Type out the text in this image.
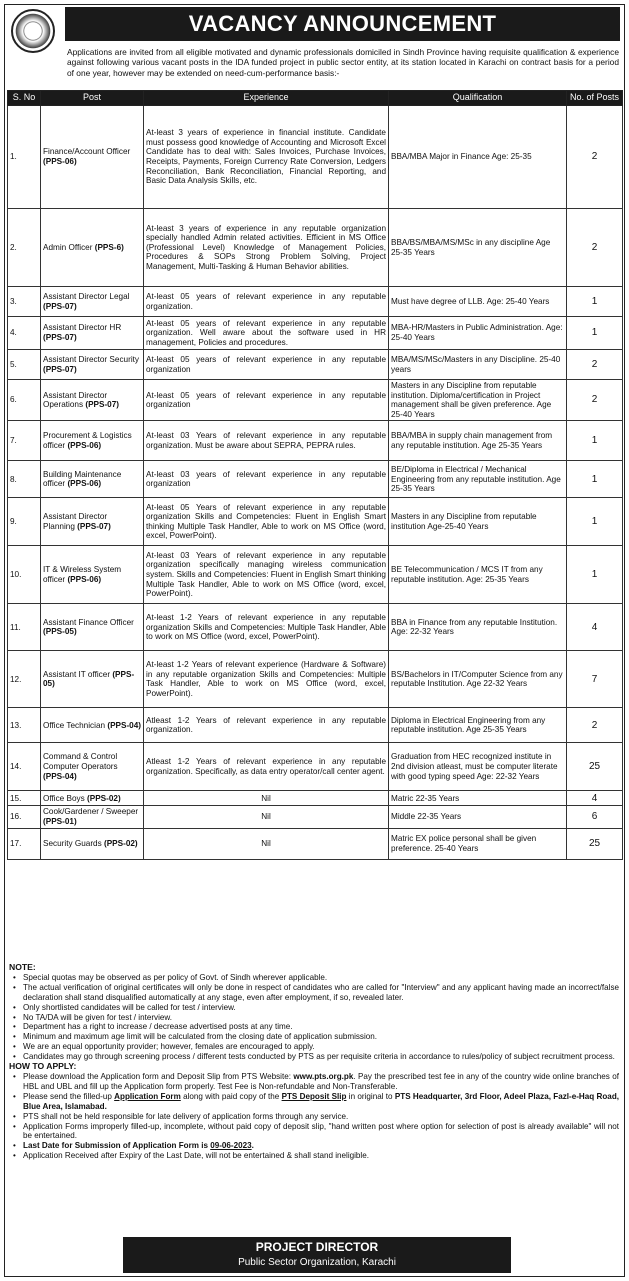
VACANCY ANNOUNCEMENT
Applications are invited from all eligible motivated and dynamic professionals domiciled in Sindh Province having requisite qualification & experience against following various vacant posts in the IDA funded project in public sector entity, at its station located in Karachi on contract basis for a period of one year, however may be extended on need-cum-performance basis:-
S. No	Post	Experience	Qualification	No. of Posts
1.	Finance/Account Officer (PPS-06)	At-least 3 years of experience in financial institute. Candidate must possess good knowledge of Accounting and Microsoft Excel Candidate has to deal with: Sales Invoices, Purchase Invoices, Receipts, Payments, Foreign Currency Rate Conversion, Ledgers Reconciliation, Bank Reconciliation, Financial Reporting, and Basic Data Analysis Skills, etc.	BBA/MBA Major in Finance Age: 25-35	2
2.	Admin Officer (PPS-6)	At-least 3 years of experience in any reputable organization specially handled Admin related activities. Efficient in MS Office (Professional Level) Knowledge of Management Policies, Procedures & SOPs Strong Problem Solving, Project Management, Multi-Tasking & Human Behavior abilities.	BBA/BS/MBA/MS/MSc in any discipline Age 25-35 Years	2
3.	Assistant Director Legal (PPS-07)	At-least 05 years of relevant experience in any reputable organization.	Must have degree of LLB. Age: 25-40 Years	1
4.	Assistant Director HR (PPS-07)	At-least 05 years of relevant experience in any reputable organization. Well aware about the software used in HR management, Policies and procedures.	MBA-HR/Masters in Public Administration. Age: 25-40 Years	1
5.	Assistant Director Security (PPS-07)	At-least 05 years of relevant experience in any reputable organization	MBA/MS/MSc/Masters in any Discipline. 25-40 years	2
6.	Assistant Director Operations (PPS-07)	At-least 05 years of relevant experience in any reputable organization	Masters in any Discipline from reputable institution. Diploma/certification in Project management shall be given preference. Age 25-40 Years	2
7.	Procurement & Logistics officer (PPS-06)	At-least 03 Years of relevant experience in any reputable organization. Must be aware about SEPRA, PEPRA rules.	BBA/MBA in supply chain management from any reputable institution. Age 25-35 Years	1
8.	Building Maintenance officer (PPS-06)	At-least 03 years of relevant experience in any reputable organization	BE/Diploma in Electrical / Mechanical Engineering from any reputable institution. Age 25-35 Years	1
9.	Assistant Director Planning (PPS-07)	At-least 05 Years of relevant experience in any reputable organization Skills and Competencies: Fluent in English Smart thinking Multiple Task Handler, Able to work on MS Office (word, excel, PowerPoint).	Masters in any Discipline from reputable institution Age-25-40 Years	1
10.	IT & Wireless System officer (PPS-06)	At-least 03 Years of relevant experience in any reputable organization specifically managing wireless communication system. Skills and Competencies: Fluent in English Smart thinking Multiple Task Handler, Able to work on MS Office (word, excel, PowerPoint).	BE Telecommunication / MCS IT from any reputable institution. Age: 25-35 Years	1
11.	Assistant Finance Officer (PPS-05)	At-least 1-2 Years of relevant experience in any reputable organization Skills and Competencies: Multiple Task Handler, Able to work on MS Office (word, excel, PowerPoint).	BBA in Finance from any reputable Institution. Age: 22-32 Years	4
12.	Assistant IT officer (PPS-05)	At-least 1-2 Years of relevant experience (Hardware & Software) in any reputable organization Skills and Competencies: Multiple Task Handler, Able to work on MS Office (word, excel, PowerPoint).	BS/Bachelors in IT/Computer Science from any reputable Institution. Age 22-32 Years	7
13.	Office Technician (PPS-04)	Atleast 1-2 Years of relevant experience in any reputable organization.	Diploma in Electrical Engineering from any reputable institution. Age 25-35 Years	2
14.	Command & Control Computer Operators (PPS-04)	Atleast 1-2 Years of relevant experience in any reputable organization. Specifically, as data entry operator/call center agent.	Graduation from HEC recognized institute in 2nd division atleast, must be computer literate with good typing speed Age: 22-32 Years	25
15.	Office Boys (PPS-02)	Nil	Matric 22-35 Years	4
16.	Cook/Gardener / Sweeper (PPS-01)	Nil	Middle 22-35 Years	6
17.	Security Guards (PPS-02)	Nil	Matric EX police personal shall be given preference. 25-40 Years	25
NOTE:
• Special quotas may be observed as per policy of Govt. of Sindh wherever applicable.
• The actual verification of original certificates will only be done in respect of candidates who are called for "Interview" and any applicant having made an incorrect/false declaration shall stand disqualified automatically at any stage, even after employment, if so, revealed later.
• Only shortlisted candidates will be called for test / interview.
• No TA/DA will be given for test / interview.
• Department has a right to increase / decrease advertised posts at any time.
• Minimum and maximum age limit will be calculated from the closing date of application submission.
• We are an equal opportunity provider; however, females are encouraged to apply.
• Candidates may go through screening process / different tests conducted by PTS as per requisite criteria in accordance to rules/policy of subject recruitment process.
HOW TO APPLY:
• Please download the Application form and Deposit Slip from PTS Website: www.pts.org.pk. Pay the prescribed test fee in any of the country wide online branches of HBL and UBL and fill up the Application form properly. Test Fee is Non-refundable and Non-Transferable.
• Please send the filled-up Application Form along with paid copy of the PTS Deposit Slip in original to PTS Headquarter, 3rd Floor, Adeel Plaza, Fazl-e-Haq Road, Blue Area, Islamabad.
• PTS shall not be held responsible for late delivery of application forms through any service.
• Application Forms improperly filled-up, incomplete, without paid copy of deposit slip, "hand written post where option for selection of post is already available" will not be entertained.
• Last Date for Submission of Application Form is 09-06-2023.
• Application Received after Expiry of the Last Date, will not be entertained & shall stand ineligible.
PROJECT DIRECTOR
Public Sector Organization, Karachi
